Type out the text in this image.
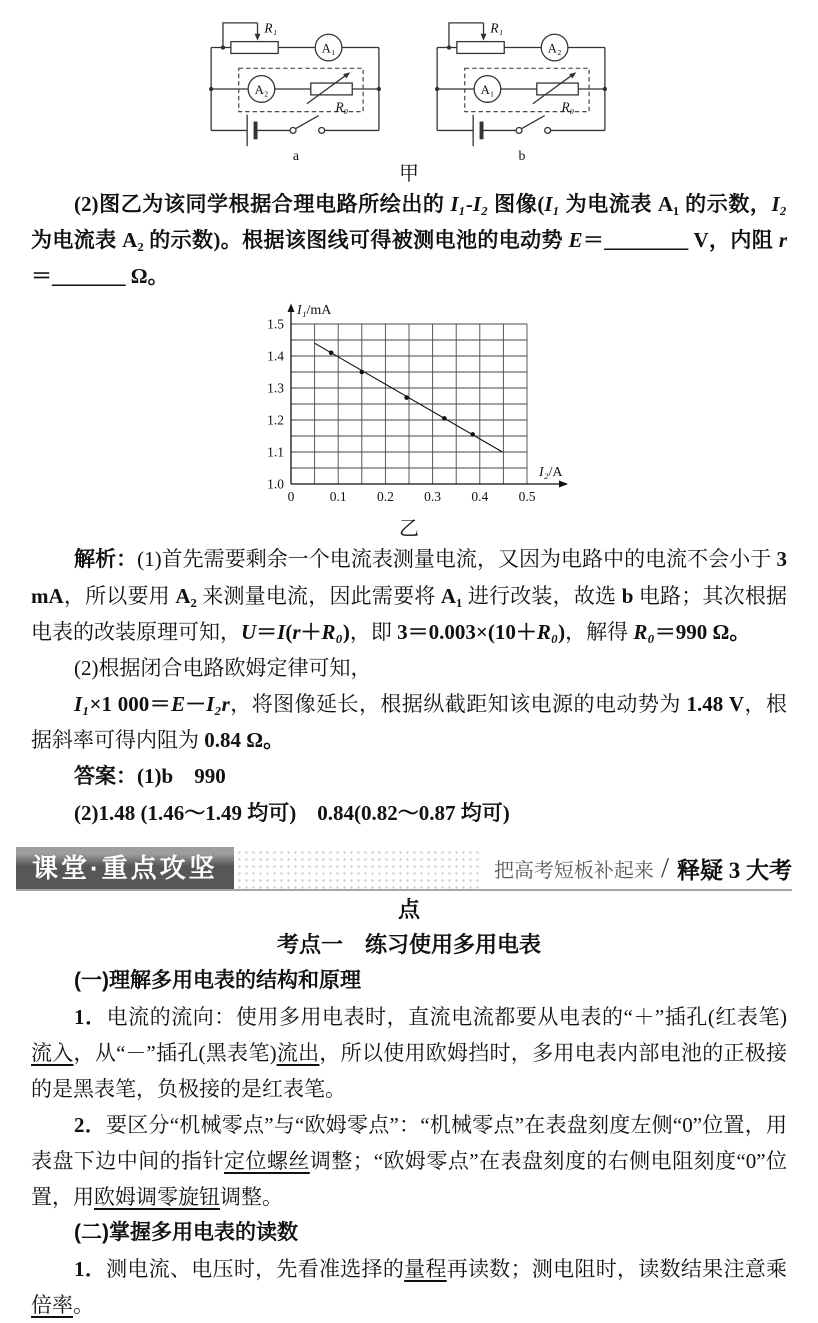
R₁
A₁
A₂
R₀
a
R₁
A₂
A₁
R₀
b
甲

(2)图乙为该同学根据合理电路所绘出的 I₁-I₂ 图像(I₁ 为电流表 A₁ 的示数，I₂ 为电流表 A₂ 的示数)。根据该图线可得被测电池的电动势 E＝________ V，内阻 r＝_______ Ω。

1.0
1.1
1.2
1.3
1.4
1.5
0	0.1 0.2 0.3 0.4 0.5
I₁/mA
I₂/A
乙

解析：(1)首先需要剩余一个电流表测量电流，又因为电路中的电流不会小于 3 mA，所以要用 A₂ 来测量电流，因此需要将 A₁ 进行改装，故选 b 电路；其次根据电表的改装原理可知，U＝I(r＋R₀)，即 3＝0.003×(10＋R₀)，解得 R₀＝990 Ω。

(2)根据闭合电路欧姆定律可知，

I₁×1 000＝E－I₂r，将图像延长，根据纵截距知该电源的电动势为 1.48 V，根据斜率可得内阻为 0.84 Ω。

答案：(1)b　990

(2)1.48 (1.46～1.49 均可)　0.84(0.82～0.87 均可)

课堂·重点攻坚	把高考短板补起来 / 释疑 3 大考
点

考点一　练习使用多用电表

(一)理解多用电表的结构和原理

1．电流的流向：使用多用电表时，直流电流都要从电表的“＋”插孔(红表笔)流入，从“－”插孔(黑表笔)流出，所以使用欧姆挡时，多用电表内部电池的正极接的是黑表笔，负极接的是红表笔。

2．要区分“机械零点”与“欧姆零点”：“机械零点”在表盘刻度左侧“0”位置，用表盘下边中间的指针定位螺丝调整；“欧姆零点”在表盘刻度的右侧电阻刻度“0”位置，用欧姆调零旋钮调整。

(二)掌握多用电表的读数

1．测电流、电压时，先看准选择的量程再读数；测电阻时，读数结果注意乘倍率。
